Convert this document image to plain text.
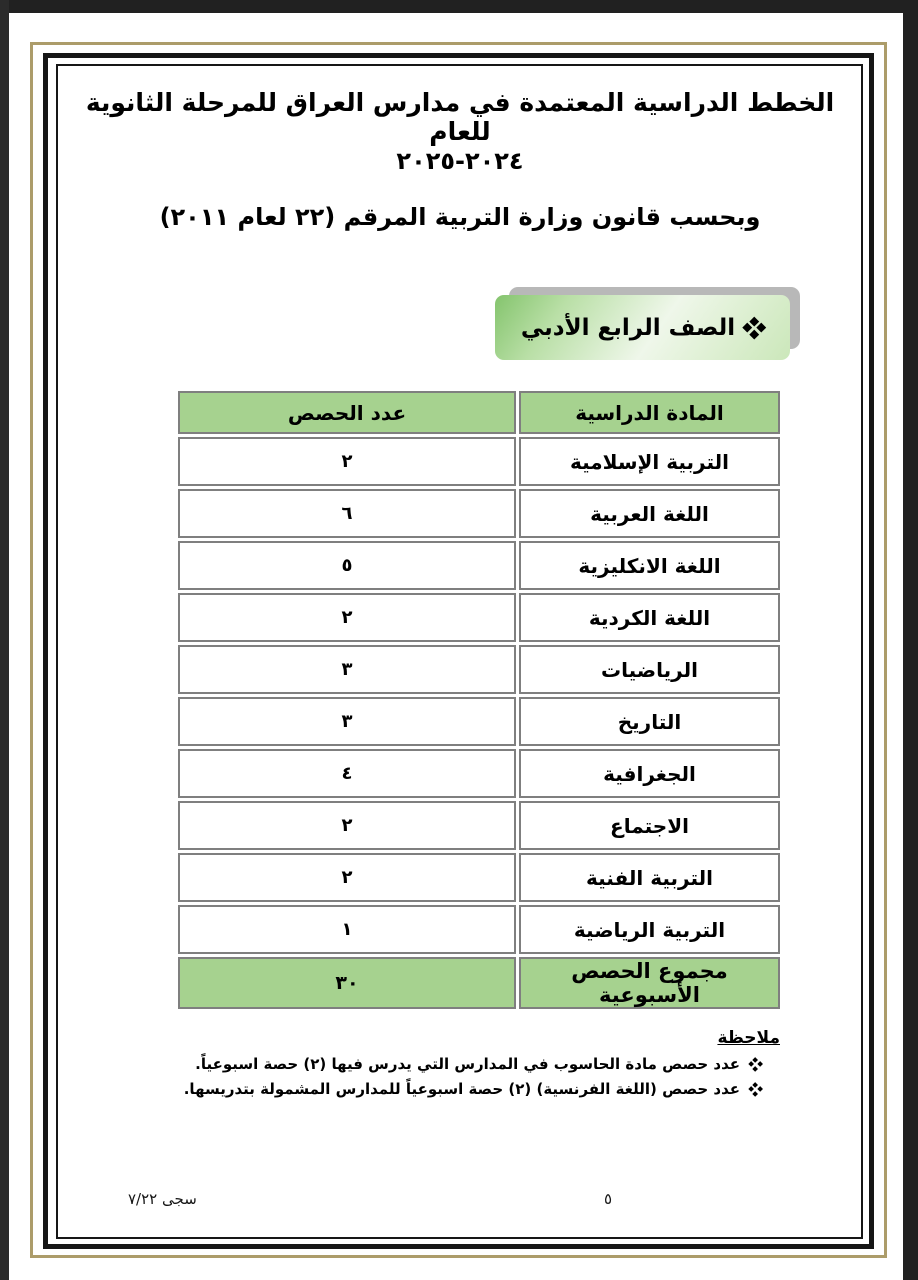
الخطط الدراسية المعتمدة في مدارس العراق للمرحلة الثانوية للعام
٢٠٢٤-٢٠٢٥
وبحسب قانون وزارة التربية المرقم (٢٢ لعام ٢٠١١)
الصف الرابع الأدبي
المادة الدراسية	عدد الحصص
التربية الإسلامية	٢
اللغة العربية	٦
اللغة الانكليزية	٥
اللغة الكردية	٢
الرياضيات	٣
التاريخ	٣
الجغرافية	٤
الاجتماع	٢
التربية الفنية	٢
التربية الرياضية	١
مجموع الحصص الأسبوعية	٣٠
ملاحظة
عدد حصص مادة الحاسوب في المدارس التي يدرس فيها (٢) حصة اسبوعياً.
عدد حصص (اللغة الفرنسية) (٢) حصة اسبوعياً للمدارس المشمولة بتدريسها.
سجى ٧/٢٢	٥
